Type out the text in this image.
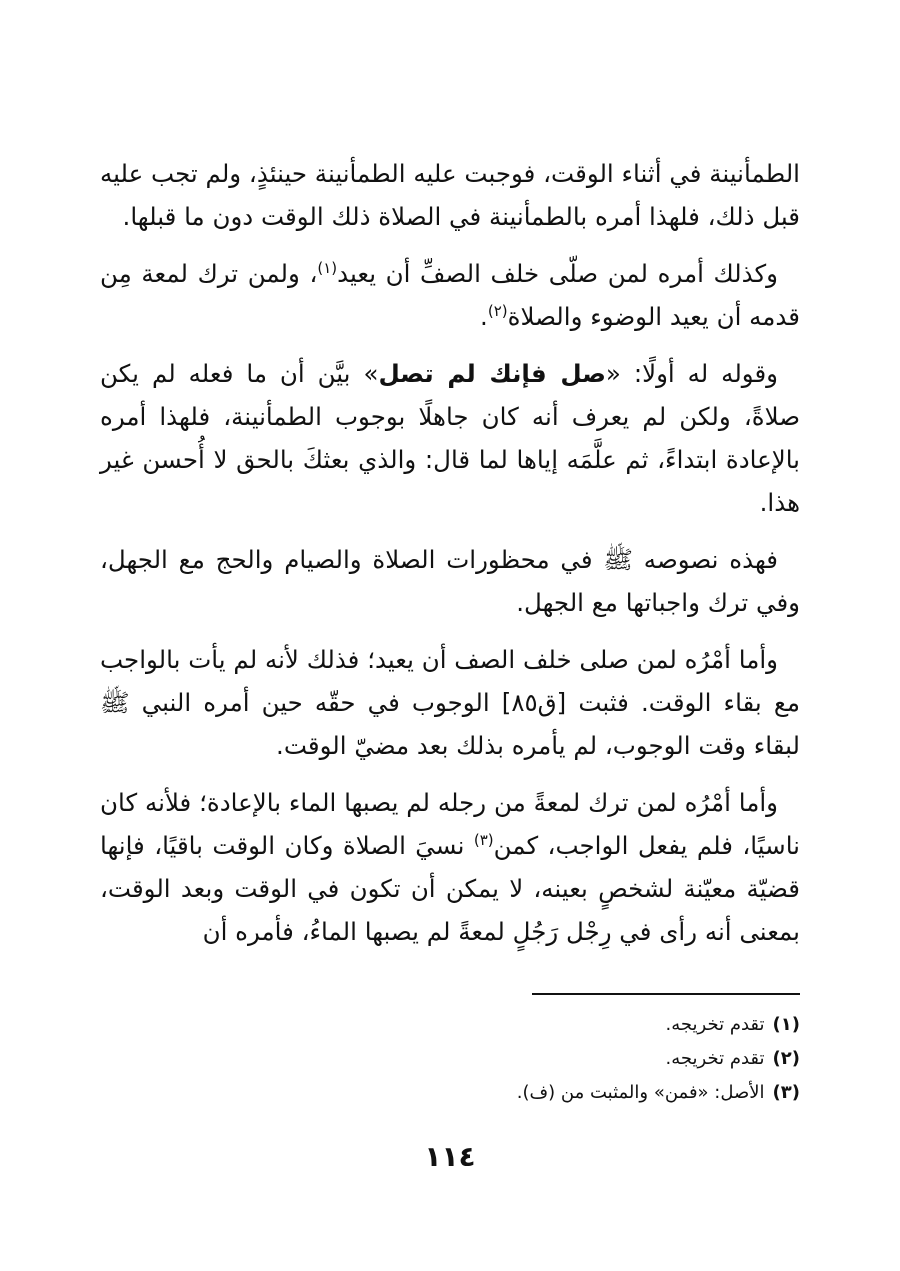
الطمأنينة في أثناء الوقت، فوجبت عليه الطمأنينة حينئذٍ، ولم تجب عليه قبل ذلك، فلهذا أمره بالطمأنينة في الصلاة ذلك الوقت دون ما قبلها.

وكذلك أمره لمن صلّى خلف الصفِّ أن يعيد$^{(١)}$، ولمن ترك لمعة مِن قدمه أن يعيد الوضوء والصلاة$^{(٢)}$.

وقوله له أولًا: «صل فإنك لم تصل» بيَّن أن ما فعله لم يكن صلاةً، ولكن لم يعرف أنه كان جاهلًا بوجوب الطمأنينة، فلهذا أمره بالإعادة ابتداءً، ثم علَّمَه إياها لما قال: والذي بعثكَ بالحق لا أُحسن غير هذا.

فهذه نصوصه ﷺ في محظورات الصلاة والصيام والحج مع الجهل، وفي ترك واجباتها مع الجهل.

وأما أمْرُه لمن صلى خلف الصف أن يعيد؛ فذلك لأنه لم يأت بالواجب مع بقاء الوقت. فثبت [ق٨٥] الوجوب في حقّه حين أمره النبي ﷺ لبقاء وقت الوجوب، لم يأمره بذلك بعد مضيّ الوقت.

وأما أمْرُه لمن ترك لمعةً من رجله لم يصبها الماء بالإعادة؛ فلأنه كان ناسيًا، فلم يفعل الواجب، كمن$^{(٣)}$ نسيَ الصلاة وكان الوقت باقيًا، فإنها قضيّة معيّنة لشخصٍ بعينه، لا يمكن أن تكون في الوقت وبعد الوقت، بمعنى أنه رأى في رِجْل رَجُلٍ لمعةً لم يصبها الماءُ، فأمره أن

(١)تقدم تخريجه.
(٢)تقدم تخريجه.
(٣)الأصل: «فمن» والمثبت من (ف).
١١٤
